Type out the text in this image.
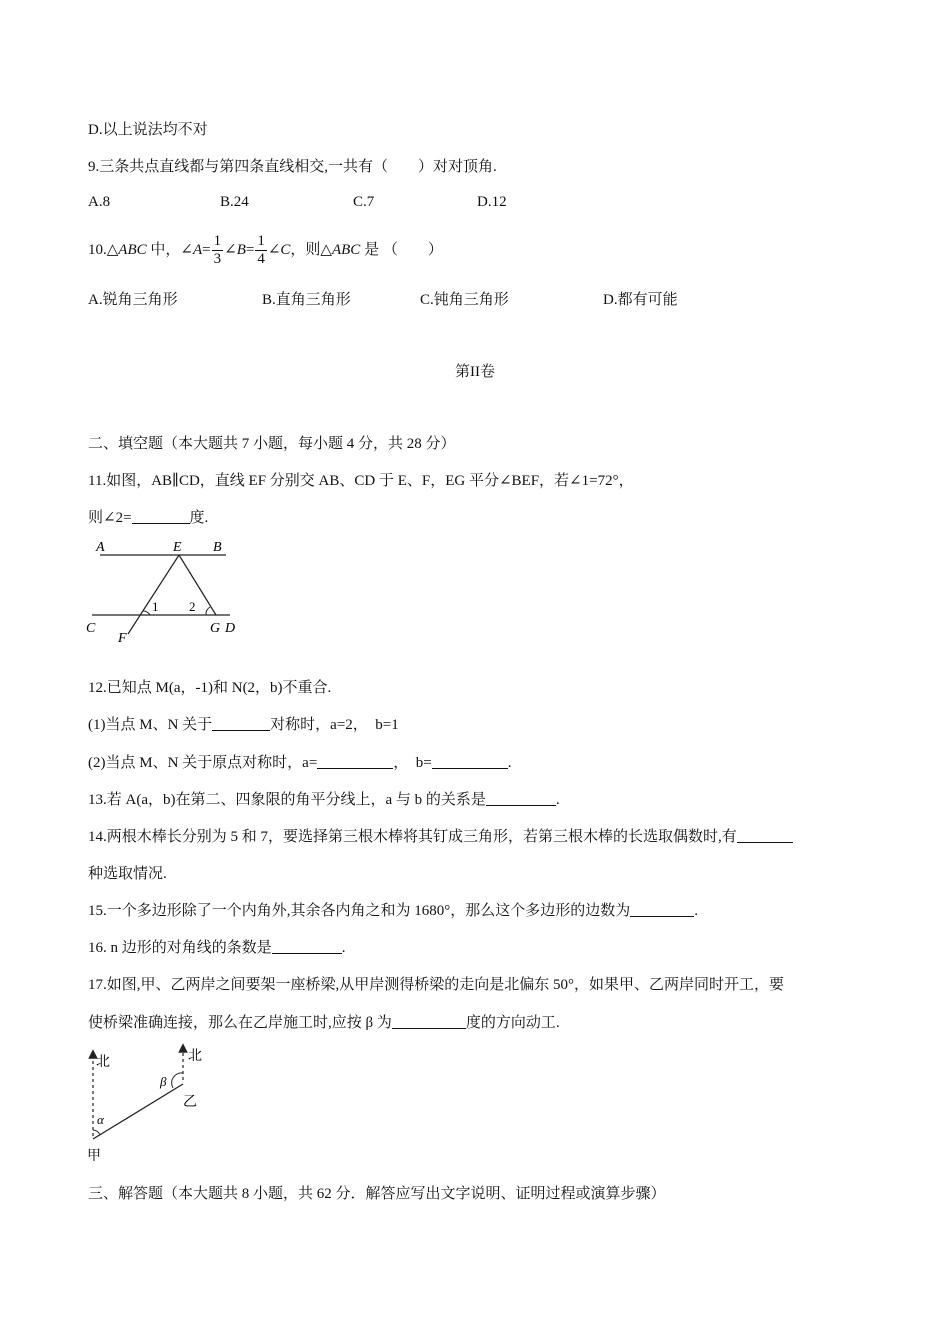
D.以上说法均不对
9.三条共点直线都与第四条直线相交,一共有（　　）对对顶角.
A.8	B.24	C.7	D.12
10.△ABC 中，∠A= $\frac{1}{3}$ ∠B= $\frac{1}{4}$ ∠C，则△ABC 是 （　　）
A.锐角三角形	B.直角三角形	C.钝角三角形	D.都有可能
第II卷
二、填空题（本大题共 7 小题，每小题 4 分，共 28 分）
11.如图，AB∥CD，直线 EF 分别交 AB、CD 于 E、F，EG 平分∠BEF，若∠1=72°，
则∠2=	度.
A	E B
C
F
G D
1 2
12.已知点 M(a，-1)和 N(2，b)不重合.
(1)当点 M、N 关于	对称时，a=2，　b=1
(2)当点 M、N 关于原点对称时，a=	，　b=	.
13.若 A(a，b)在第二、四象限的角平分线上，a 与 b 的关系是	.
14.两根木棒长分别为 5 和 7，要选择第三根木棒将其钉成三角形，若第三根木棒的长选取偶数时,有
种选取情况.
15.一个多边形除了一个内角外,其余各内角之和为 1680°，那么这个多边形的边数为	.
16. n 边形的对角线的条数是	.
17.如图,甲、乙两岸之间要架一座桥梁,从甲岸测得桥梁的走向是北偏东 50°，如果甲、乙两岸同时开工，要
使桥梁准确连接，那么在乙岸施工时,应按 β 为	度的方向动工.
北	北
α
β
甲
乙
三、解答题（本大题共 8 小题，共 62 分．解答应写出文字说明、证明过程或演算步骤）
